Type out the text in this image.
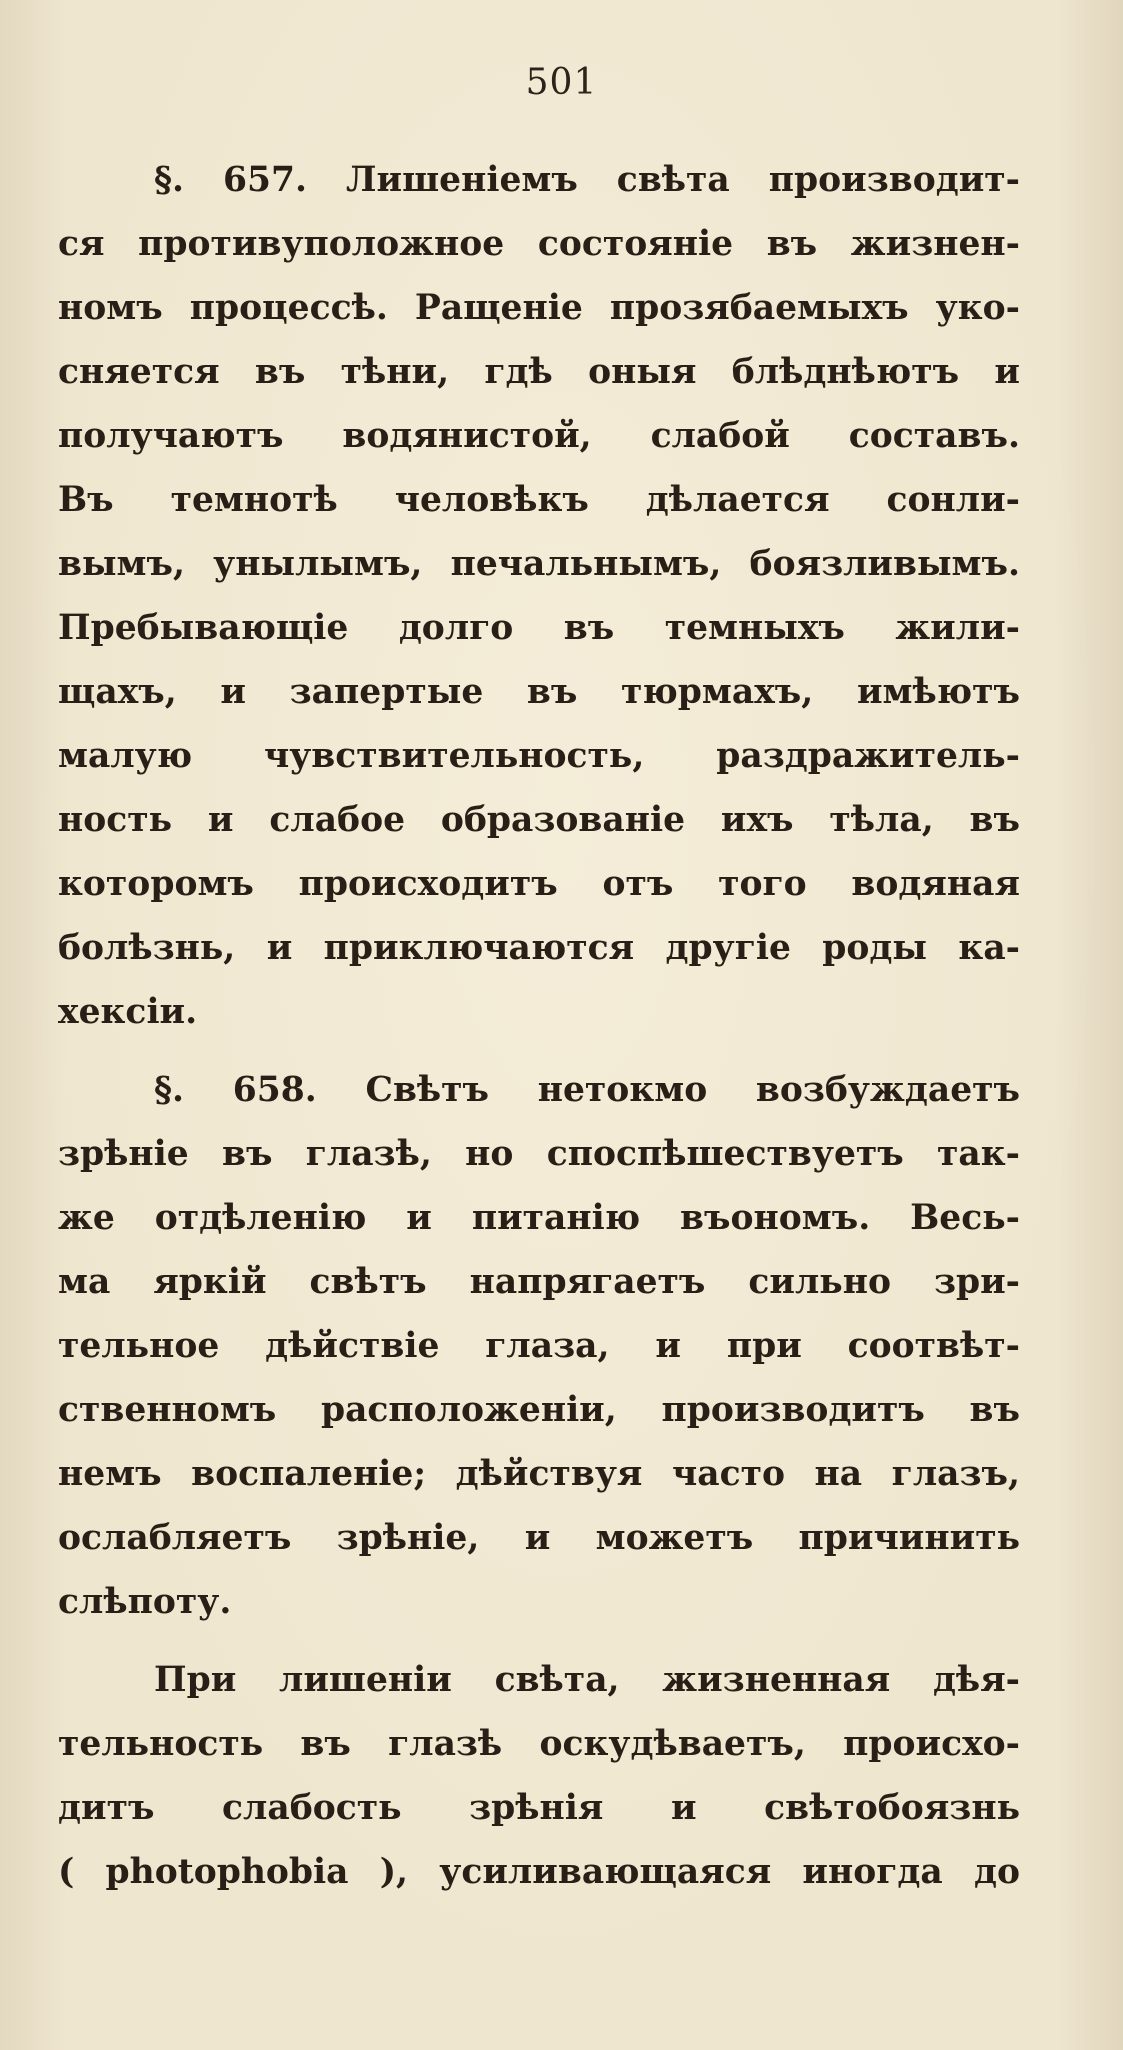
501
§. 657. Лишеніемъ свѣта производит-
ся противуположное состояніе въ жизнен-
номъ процессѣ. Ращеніе прозябаемыхъ уко-
сняется въ тѣни, гдѣ оныя блѣднѣютъ и
получаютъ водянистой, слабой составъ.
Въ темнотѣ человѣкъ дѣлается сонли-
вымъ, унылымъ, печальнымъ, боязливымъ.
Пребывающіе долго въ темныхъ жили-
щахъ, и запертые въ тюрмахъ, имѣютъ
малую чувствительность, раздражитель-
ность и слабое образованіе ихъ тѣла, въ
которомъ происходитъ отъ того водяная
болѣзнь, и приключаются другіе роды ка-
хексіи.
§. 658. Свѣтъ нетокмо возбуждаетъ
зрѣніе въ глазѣ, но споспѣшествуетъ так-
же отдѣленію и питанію въономъ. Весь-
ма яркій свѣтъ напрягаетъ сильно зри-
тельное дѣйствіе глаза, и при соотвѣт-
ственномъ расположеніи, производитъ въ
немъ воспаленіе; дѣйствуя часто на глазъ,
ослабляетъ зрѣніе, и можетъ причинить
слѣпоту.
При лишеніи свѣта, жизненная дѣя-
тельность въ глазѣ оскудѣваетъ, происхо-
дитъ слабость зрѣнія и свѣтобоязнь
( photophobia ), усиливающаяся иногда до
